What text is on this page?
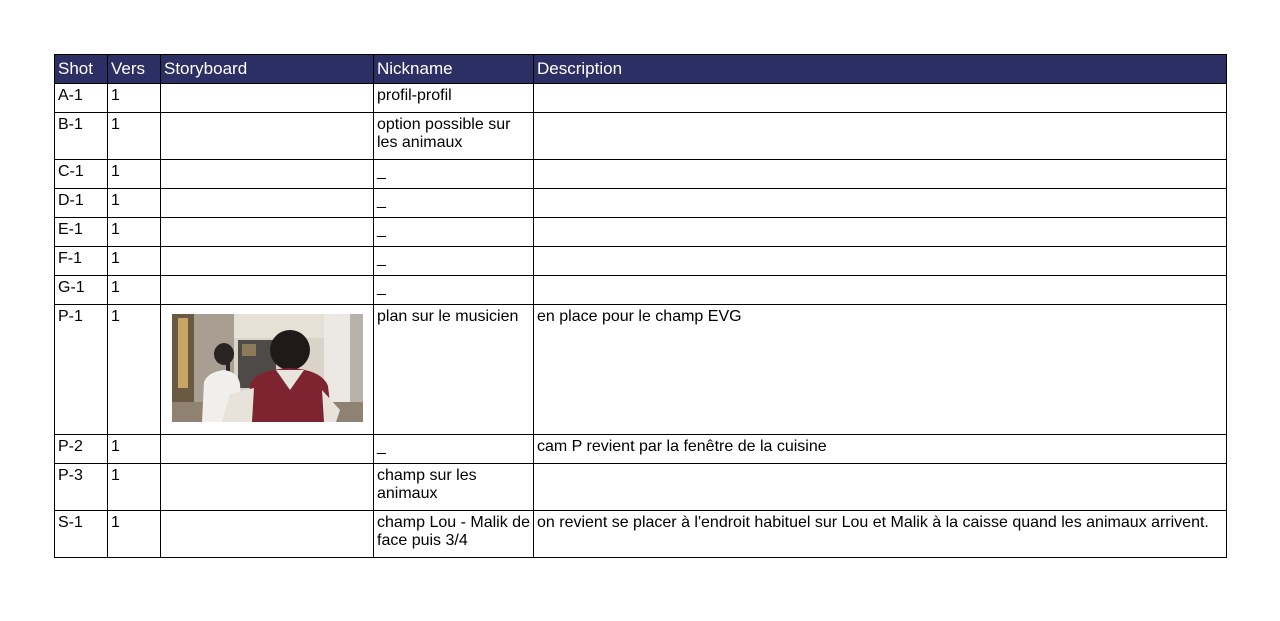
Shot	Vers	Storyboard	Nickname	Description
A-1	1		profil-profil	
B-1	1		option possible sur les animaux	
C-1	1		_	
D-1	1		_	
E-1	1		_	
F-1	1		_	
G-1	1		_	
P-1	1		plan sur le musicien	en place pour le champ EVG
P-2	1		_	cam P revient par la fenêtre de la cuisine
P-3	1		champ sur les animaux	
S-1	1		champ Lou - Malik de face puis 3/4	on revient se placer à l'endroit habituel sur Lou et Malik à la caisse quand les animaux arrivent.
